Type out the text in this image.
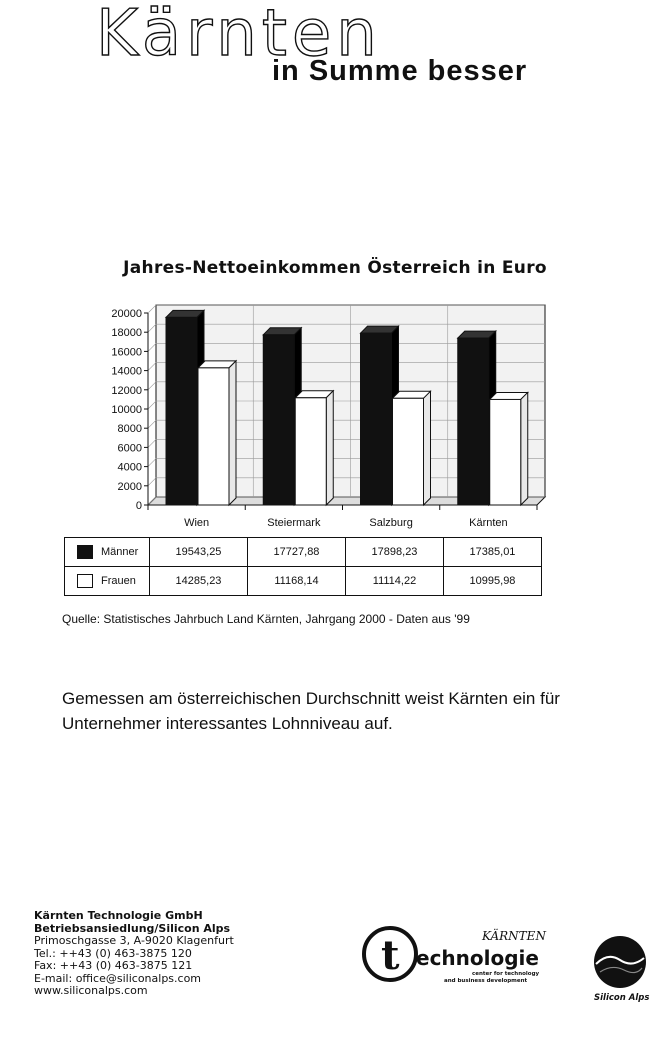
Kärnten
in Summe besser
Jahres-Nettoeinkommen Österreich in Euro
20000
18000
16000
14000
12000
10000
8000
6000
4000
2000
0
Wien	Steiermark	Salzburg	Kärnten
Männer	19543,25	17727,88	17898,23	17385,01
Frauen	14285,23	11168,14	11114,22	10995,98
Quelle: Statistisches Jahrbuch Land Kärnten, Jahrgang 2000 - Daten aus '99
Gemessen am österreichischen Durchschnitt weist Kärnten ein für Unternehmer interessantes Lohnniveau auf.
Kärnten Technologie GmbH
Betriebsansiedlung/Silicon Alps
Primoschgasse 3, A-9020 Klagenfurt
Tel.: ++43 (0) 463-3875 120
Fax: ++43 (0) 463-3875 121
E-mail: office@siliconalps.com
www.siliconalps.com
t	KÄRNTEN
echnologie
center for technology
and business development
Silicon Alps
